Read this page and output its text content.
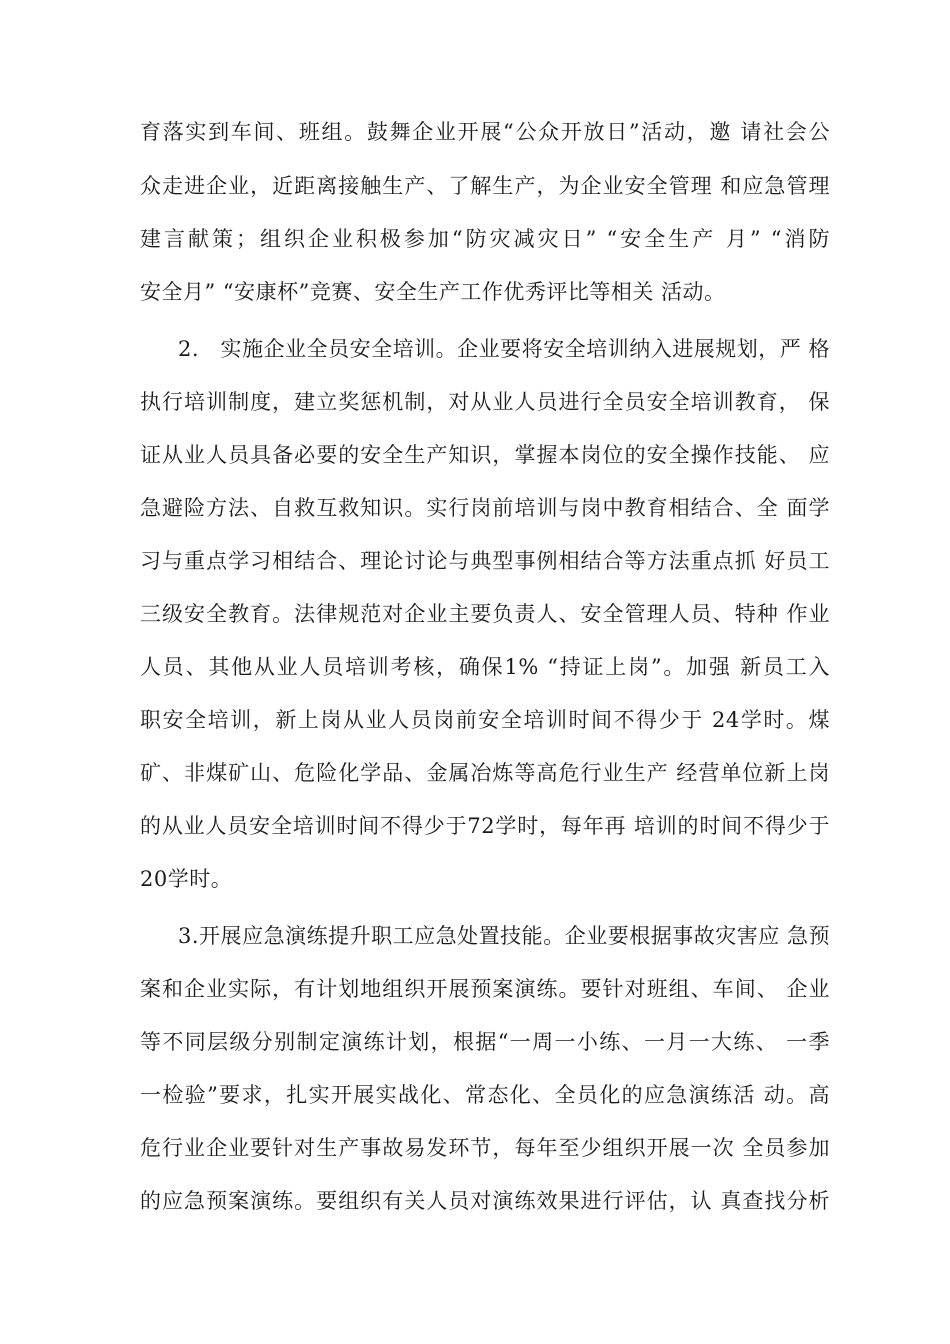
育落实到车间、班组。鼓舞企业开展“公众开放日”活动，邀 请社会公
众走进企业，近距离接触生产、了解生产，为企业安全管理 和应急管理
建言献策；组织企业积极参加“防灾减灾日” “安全生产 月” “消防
安全月” “安康杯”竞赛、安全生产工作优秀评比等相关 活动。
2.　实施企业全员安全培训。企业要将安全培训纳入进展规划，严 格
执行培训制度，建立奖惩机制，对从业人员进行全员安全培训教育， 保
证从业人员具备必要的安全生产知识，掌握本岗位的安全操作技能、 应
急避险方法、自救互救知识。实行岗前培训与岗中教育相结合、全 面学
习与重点学习相结合、理论讨论与典型事例相结合等方法重点抓 好员工
三级安全教育。法律规范对企业主要负责人、安全管理人员、特种 作业
人员、其他从业人员培训考核，确保1% “持证上岗”。加强 新员工入
职安全培训，新上岗从业人员岗前安全培训时间不得少于 24学时。煤
矿、非煤矿山、危险化学品、金属冶炼等高危行业生产 经营单位新上岗
的从业人员安全培训时间不得少于72学时，每年再 培训的时间不得少于
20学时。
3.开展应急演练提升职工应急处置技能。企业要根据事故灾害应 急预
案和企业实际，有计划地组织开展预案演练。要针对班组、车间、 企业
等不同层级分别制定演练计划，根据“一周一小练、一月一大练、 一季
一检验”要求，扎实开展实战化、常态化、全员化的应急演练活 动。高
危行业企业要针对生产事故易发环节，每年至少组织开展一次 全员参加
的应急预案演练。要组织有关人员对演练效果进行评估，认 真查找分析
